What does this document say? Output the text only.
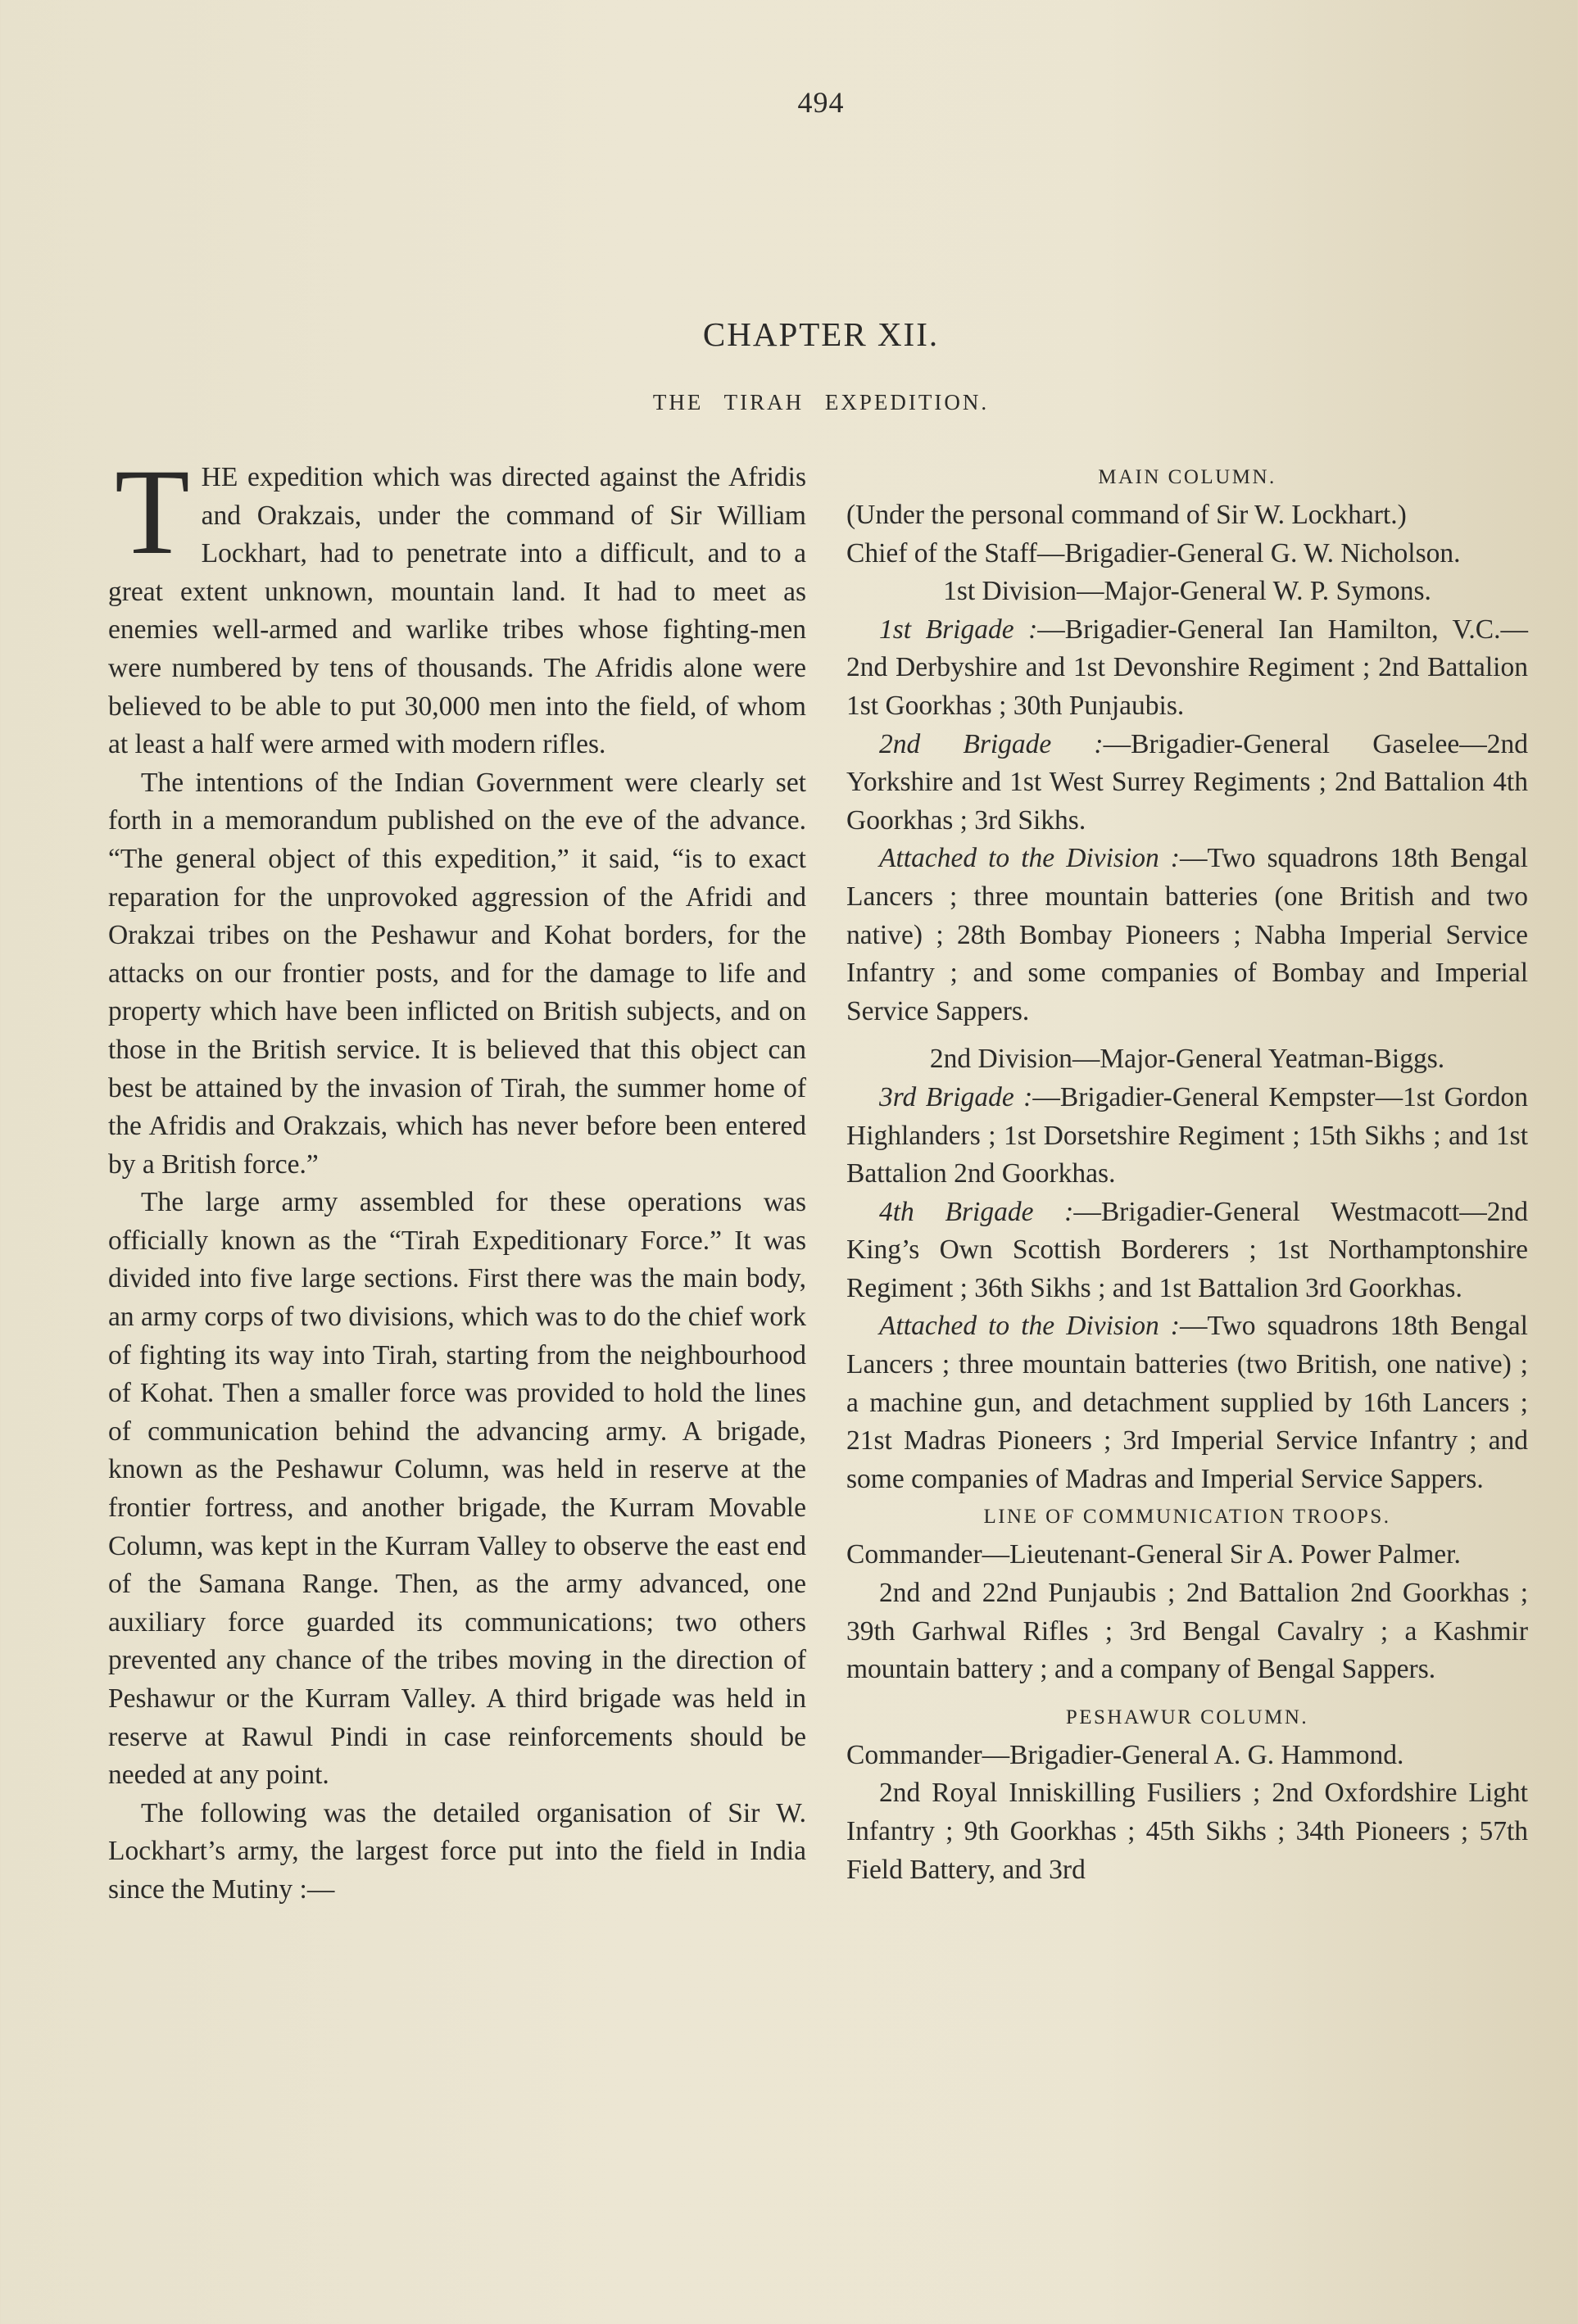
494
CHAPTER XII.
THE TIRAH EXPEDITION.

THE expedition which was directed against the Afridis and Orakzais, under the command of Sir William Lockhart, had to penetrate into a difficult, and to a great extent unknown, mountain land. It had to meet as enemies well-armed and warlike tribes whose fighting-men were numbered by tens of thousands. The Afridis alone were believed to be able to put 30,000 men into the field, of whom at least a half were armed with modern rifles.

The intentions of the Indian Government were clearly set forth in a memorandum published on the eve of the advance. “The general object of this expedition,” it said, “is to exact reparation for the unprovoked aggression of the Afridi and Orakzai tribes on the Peshawur and Kohat borders, for the attacks on our frontier posts, and for the damage to life and property which have been inflicted on British subjects, and on those in the British service. It is believed that this object can best be attained by the invasion of Tirah, the summer home of the Afridis and Orakzais, which has never before been entered by a British force.”

The large army assembled for these operations was officially known as the “Tirah Expeditionary Force.” It was divided into five large sections. First there was the main body, an army corps of two divisions, which was to do the chief work of fighting its way into Tirah, starting from the neighbourhood of Kohat. Then a smaller force was provided to hold the lines of communication behind the advancing army. A brigade, known as the Peshawur Column, was held in reserve at the frontier fortress, and another brigade, the Kurram Movable Column, was kept in the Kurram Valley to observe the east end of the Samana Range. Then, as the army advanced, one auxiliary force guarded its communications; two others prevented any chance of the tribes moving in the direction of Peshawur or the Kurram Valley. A third brigade was held in reserve at Rawul Pindi in case reinforcements should be needed at any point.

The following was the detailed organisation of Sir W. Lockhart’s army, the largest force put into the field in India since the Mutiny :—

MAIN COLUMN.

(Under the personal command of Sir W. Lockhart.)

Chief of the Staff—Brigadier-General G. W. Nicholson.

1st Division—Major-General W. P. Symons.

1st Brigade :—Brigadier-General Ian Hamilton, V.C.—2nd Derbyshire and 1st Devonshire Regiment ; 2nd Battalion 1st Goorkhas ; 30th Punjaubis.

2nd Brigade :—Brigadier-General Gaselee—2nd Yorkshire and 1st West Surrey Regiments ; 2nd Battalion 4th Goorkhas ; 3rd Sikhs.

Attached to the Division :—Two squadrons 18th Bengal Lancers ; three mountain batteries (one British and two native) ; 28th Bombay Pioneers ; Nabha Imperial Service Infantry ; and some companies of Bombay and Imperial Service Sappers.

2nd Division—Major-General Yeatman-Biggs.

3rd Brigade :—Brigadier-General Kempster—1st Gordon Highlanders ; 1st Dorsetshire Regiment ; 15th Sikhs ; and 1st Battalion 2nd Goorkhas.

4th Brigade :—Brigadier-General Westmacott—2nd King’s Own Scottish Borderers ; 1st Northamptonshire Regiment ; 36th Sikhs ; and 1st Battalion 3rd Goorkhas.

Attached to the Division :—Two squadrons 18th Bengal Lancers ; three mountain batteries (two British, one native) ; a machine gun, and detachment supplied by 16th Lancers ; 21st Madras Pioneers ; 3rd Imperial Service Infantry ; and some companies of Madras and Imperial Service Sappers.

LINE OF COMMUNICATION TROOPS.

Commander—Lieutenant-General Sir A. Power Palmer.

2nd and 22nd Punjaubis ; 2nd Battalion 2nd Goorkhas ; 39th Garhwal Rifles ; 3rd Bengal Cavalry ; a Kashmir mountain battery ; and a company of Bengal Sappers.

PESHAWUR COLUMN.

Commander—Brigadier-General A. G. Hammond.

2nd Royal Inniskilling Fusiliers ; 2nd Oxfordshire Light Infantry ; 9th Goorkhas ; 45th Sikhs ; 34th Pioneers ; 57th Field Battery, and 3rd
